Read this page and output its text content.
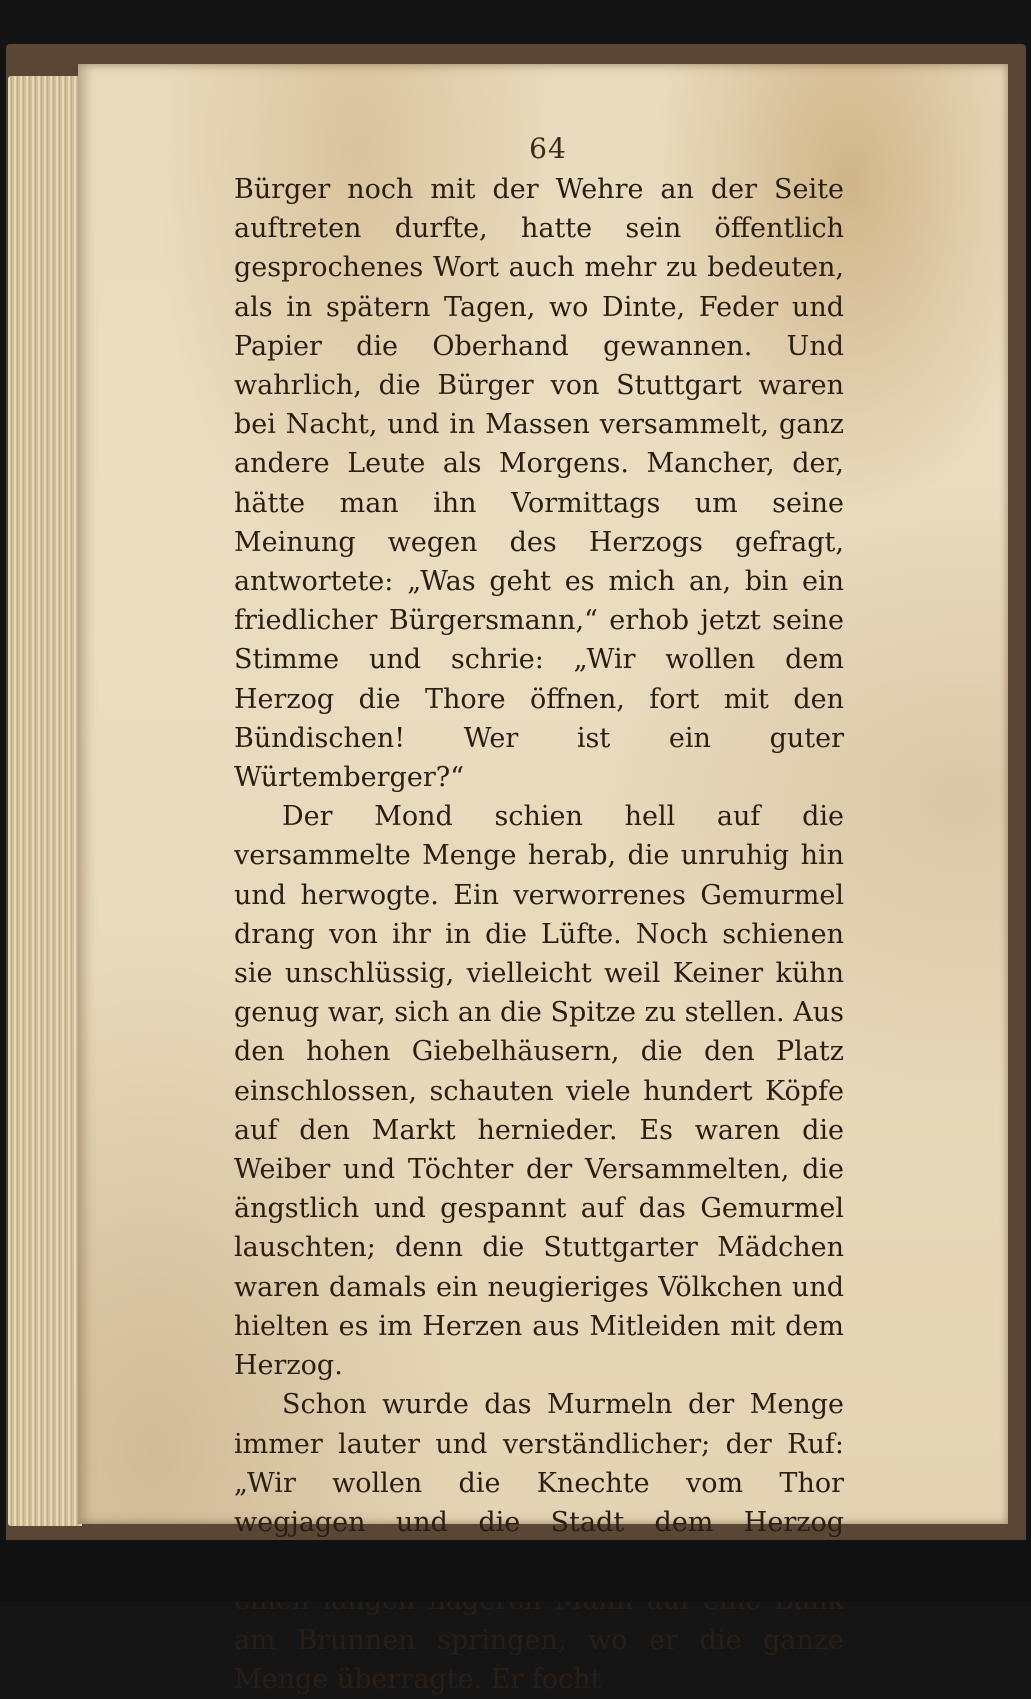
64

Bürger noch mit der Wehre an der Seite auftreten durfte, hatte sein öffentlich gesprochenes Wort auch mehr zu bedeuten, als in spätern Tagen, wo Dinte, Feder und Papier die Oberhand gewannen. Und wahrlich, die Bürger von Stuttgart waren bei Nacht, und in Massen versammelt, ganz andere Leute als Morgens. Mancher, der, hätte man ihn Vormittags um seine Meinung wegen des Herzogs gefragt, antwortete: „Was geht es mich an, bin ein friedlicher Bürgersmann,“ erhob jetzt seine Stimme und schrie: „Wir wollen dem Herzog die Thore öffnen, fort mit den Bündischen! Wer ist ein guter Würtemberger?“

Der Mond schien hell auf die versammelte Menge herab, die unruhig hin und herwogte. Ein verworrenes Gemurmel drang von ihr in die Lüfte. Noch schienen sie unschlüssig, vielleicht weil Keiner kühn genug war, sich an die Spitze zu stellen. Aus den hohen Giebelhäusern, die den Platz einschlossen, schauten viele hundert Köpfe auf den Markt hernieder. Es waren die Weiber und Töchter der Versammelten, die ängstlich und gespannt auf das Gemurmel lauschten; denn die Stuttgarter Mädchen waren damals ein neugieriges Völkchen und hielten es im Herzen aus Mitleiden mit dem Herzog.

Schon wurde das Murmeln der Menge immer lauter und verständlicher; der Ruf: „Wir wollen die Knechte vom Thor wegjagen und die Stadt dem Herzog am Brunnen springen, wo er die ganze Menge überragte. Er focht
